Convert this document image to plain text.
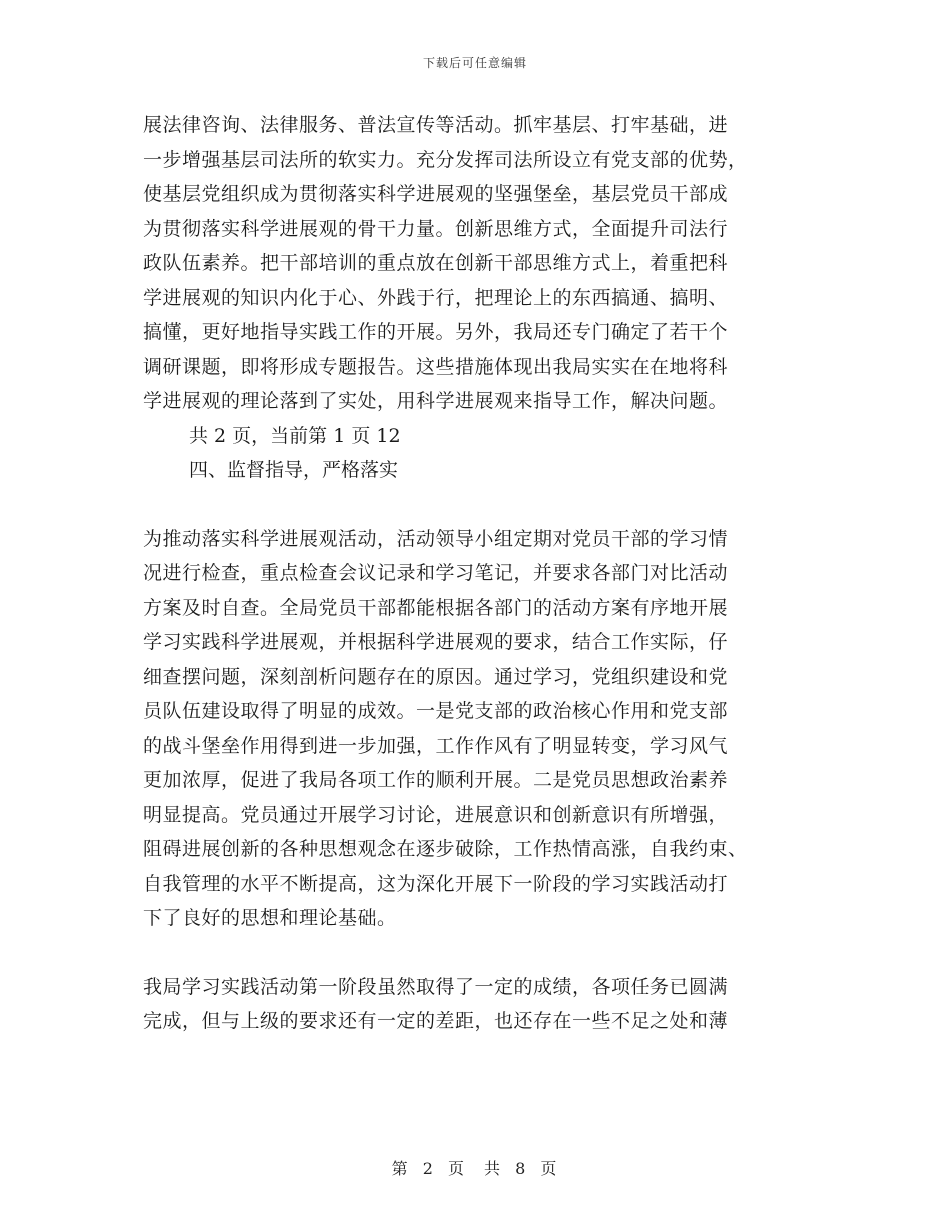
下载后可任意编辑

展法律咨询、法律服务、普法宣传等活动。抓牢基层、打牢基础，进
一步增强基层司法所的软实力。充分发挥司法所设立有党支部的优势，
使基层党组织成为贯彻落实科学进展观的坚强堡垒，基层党员干部成
为贯彻落实科学进展观的骨干力量。创新思维方式，全面提升司法行
政队伍素养。把干部培训的重点放在创新干部思维方式上，着重把科
学进展观的知识内化于心、外践于行，把理论上的东西搞通、搞明、
搞懂，更好地指导实践工作的开展。另外，我局还专门确定了若干个
调研课题，即将形成专题报告。这些措施体现出我局实实在在地将科
学进展观的理论落到了实处，用科学进展观来指导工作，解决问题。

共 2 页，当前第 1 页 12

四、监督指导，严格落实

为推动落实科学进展观活动，活动领导小组定期对党员干部的学习情
况进行检查，重点检查会议记录和学习笔记，并要求各部门对比活动
方案及时自查。全局党员干部都能根据各部门的活动方案有序地开展
学习实践科学进展观，并根据科学进展观的要求，结合工作实际，仔
细查摆问题，深刻剖析问题存在的原因。通过学习，党组织建设和党
员队伍建设取得了明显的成效。一是党支部的政治核心作用和党支部
的战斗堡垒作用得到进一步加强，工作作风有了明显转变，学习风气
更加浓厚，促进了我局各项工作的顺利开展。二是党员思想政治素养
明显提高。党员通过开展学习讨论，进展意识和创新意识有所增强，
阻碍进展创新的各种思想观念在逐步破除，工作热情高涨，自我约束、
自我管理的水平不断提高，这为深化开展下一阶段的学习实践活动打
下了良好的思想和理论基础。

我局学习实践活动第一阶段虽然取得了一定的成绩，各项任务已圆满
完成，但与上级的要求还有一定的差距，也还存在一些不足之处和薄

第 2 页　共 8 页
